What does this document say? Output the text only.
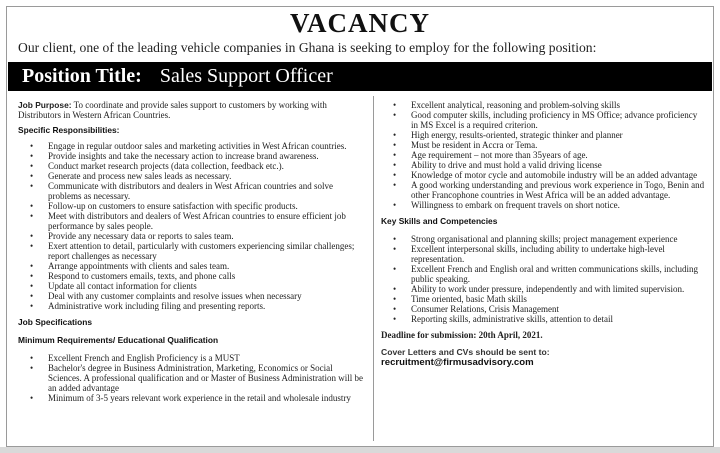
VACANCY
Our client, one of the leading vehicle companies in Ghana is seeking to employ for the following position:
Position Title: Sales Support Officer
Job Purpose: To coordinate and provide sales support to customers by working with Distributors in Western African Countries.
Specific Responsibilities:
• Engage in regular outdoor sales and marketing activities in West African countries.
• Provide insights and take the necessary action to increase brand awareness.
• Conduct market research projects (data collection, feedback etc.).
• Generate and process new sales leads as necessary.
• Communicate with distributors and dealers in West African countries and solve problems as necessary.
• Follow-up on customers to ensure satisfaction with specific products.
• Meet with distributors and dealers of West African countries to ensure efficient job performance by sales people.
• Provide any necessary data or reports to sales team.
• Exert attention to detail, particularly with customers experiencing similar challenges; report challenges as necessary
• Arrange appointments with clients and sales team.
• Respond to customers emails, texts, and phone calls
• Update all contact information for clients
• Deal with any customer complaints and resolve issues when necessary
• Administrative work including filing and presenting reports.
Job Specifications
Minimum Requirements/ Educational Qualification
• Excellent French and English Proficiency is a MUST
• Bachelor's degree in Business Administration, Marketing, Economics or Social Sciences. A professional qualification and or Master of Business Administration will be an added advantage
• Minimum of 3-5 years relevant work experience in the retail and wholesale industry
• Excellent analytical, reasoning and problem-solving skills
• Good computer skills, including proficiency in MS Office; advance proficiency in MS Excel is a required criterion.
• High energy, results-oriented, strategic thinker and planner
• Must be resident in Accra or Tema.
• Age requirement – not more than 35years of age.
• Ability to drive and must hold a valid driving license
• Knowledge of motor cycle and automobile industry will be an added advantage
• A good working understanding and previous work experience in Togo, Benin and other Francophone countries in West Africa will be an added advantage.
• Willingness to embark on frequent travels on short notice.
Key Skills and Competencies
• Strong organisational and planning skills; project management experience
• Excellent interpersonal skills, including ability to undertake high-level representation.
• Excellent French and English oral and written communications skills, including public speaking.
• Ability to work under pressure, independently and with limited supervision.
• Time oriented, basic Math skills
• Consumer Relations, Crisis Management
• Reporting skills, administrative skills, attention to detail
Deadline for submission: 20th April, 2021.
Cover Letters and CVs should be sent to:
recruitment@firmusadvisory.com
